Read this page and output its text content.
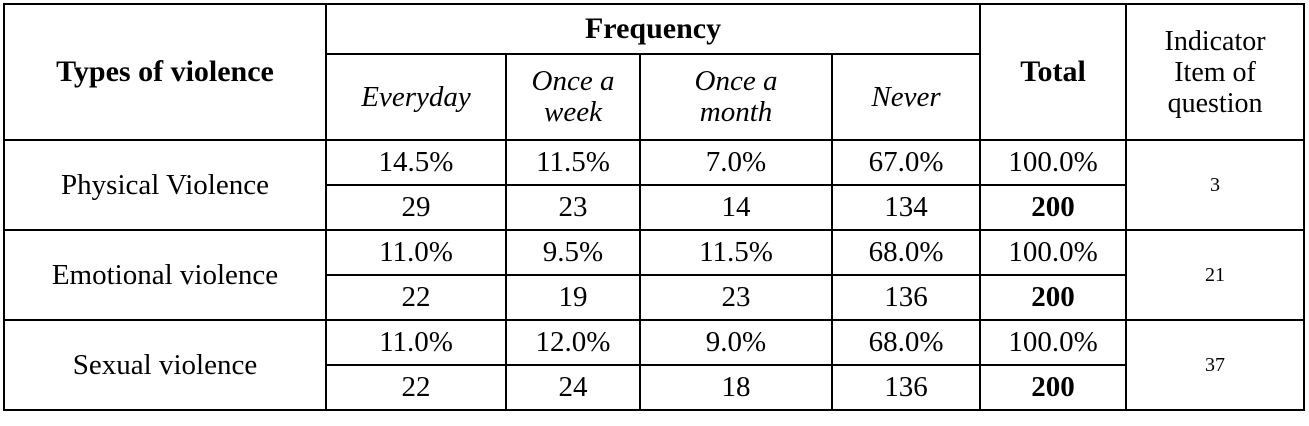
Types of violence	Frequency				Total	Indicator
Item of
question
	Everyday	Once a week	Once a month	Never		
Physical Violence	14.5%	11.5%	7.0%	67.0%	100.0%	3
	29	23	14	134	200	
Emotional violence	11.0%	9.5%	11.5%	68.0%	100.0%	21
	22	19	23	136	200	
Sexual violence	11.0%	12.0%	9.0%	68.0%	100.0%	37
	22	24	18	136	200	
